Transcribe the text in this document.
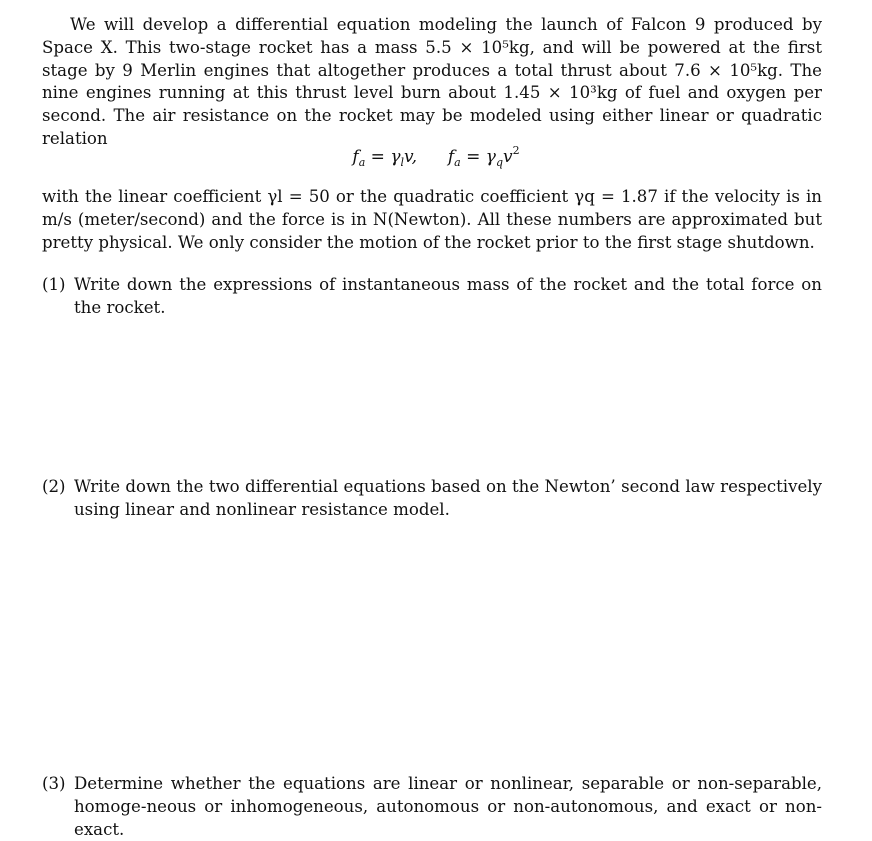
We will develop a differential equation modeling the launch of Falcon 9 produced by Space X. This two-stage rocket has a mass 5.5 × 10⁵kg, and will be powered at the first stage by 9 Merlin engines that altogether produces a total thrust about 7.6 × 10⁵kg. The nine engines running at this thrust level burn about 1.45 × 10³kg of fuel and oxygen per second. The air resistance on the rocket may be modeled using either linear or quadratic relation

$f_a = \gamma_lv$, $f_a = \gamma_qv^2$

with the linear coefficient γl = 50 or the quadratic coefficient γq = 1.87 if the velocity is in m/s (meter/second) and the force is in N(Newton). All these numbers are approximated but pretty physical. We only consider the motion of the rocket prior to the first stage shutdown.

(1) Write down the expressions of instantaneous mass of the rocket and the total force on the rocket.
(2) Write down the two differential equations based on the Newton’ second law respectively using linear and nonlinear resistance model.
(3) Determine whether the equations are linear or nonlinear, separable or non-separable, homoge-neous or inhomogeneous, autonomous or non-autonomous, and exact or non-exact.
